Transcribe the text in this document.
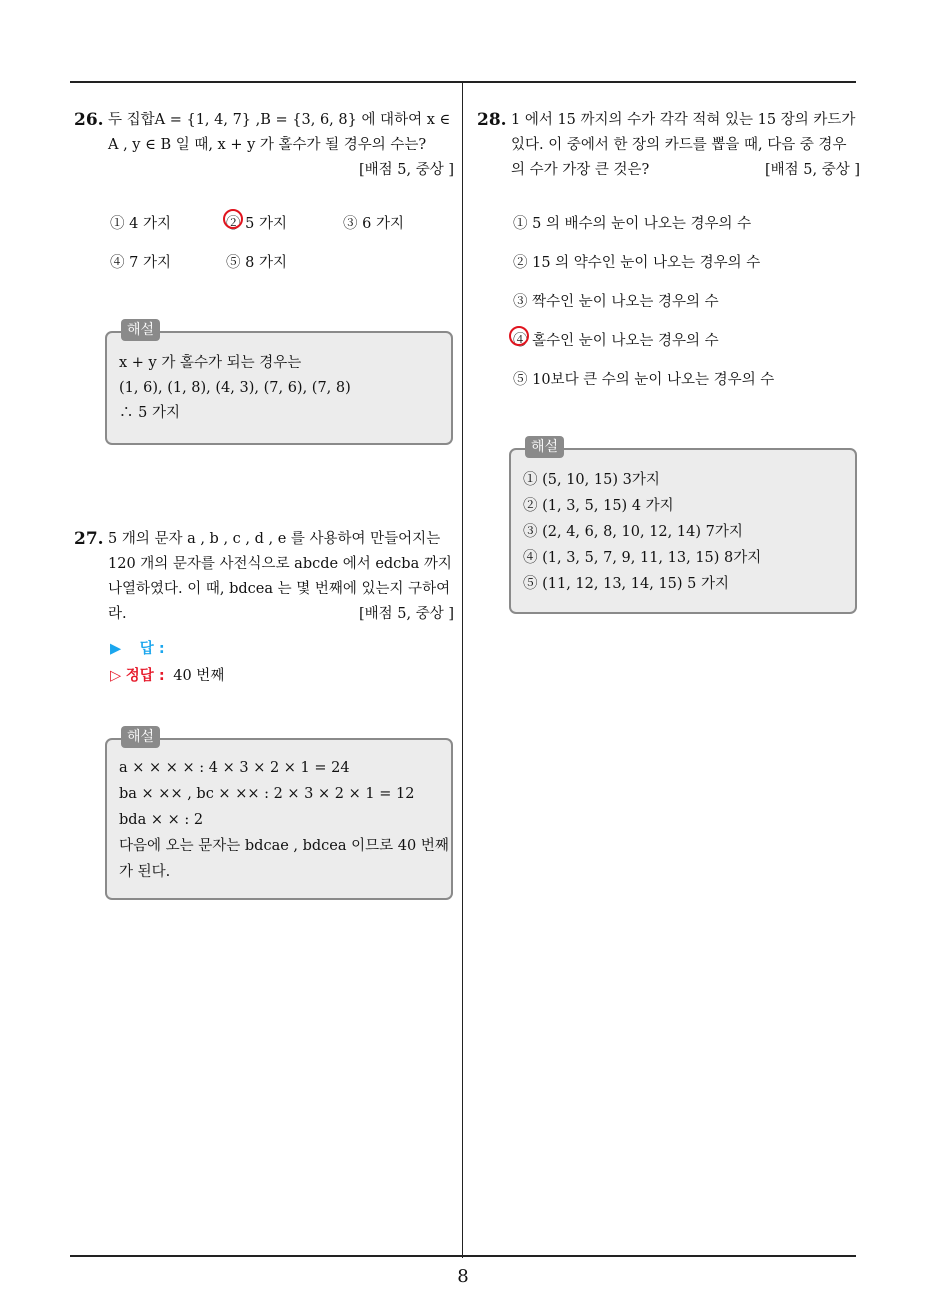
26. 두 집합A = {1, 4, 7} ,B = {3, 6, 8} 에 대하여 x ∈
A , y ∈ B 일 때, x + y 가 홀수가 될 경우의 수는?
[배점 5, 중상 ]
① 4 가지	② 5 가지	③ 6 가지
④ 7 가지	⑤ 8 가지
해설
x + y 가 홀수가 되는 경우는
(1, 6), (1, 8), (4, 3), (7, 6), (7, 8)
∴ 5 가지
27. 5 개의 문자 a , b , c , d , e 를 사용하여 만들어지는
120 개의 문자를 사전식으로 abcde 에서 edcba 까지
나열하였다. 이 때, bdcea 는 몇 번째에 있는지 구하여
라.	[배점 5, 중상 ]
▶ 답 :
▷ 정답 : 40 번째
해설
a × × × × : 4 × 3 × 2 × 1 = 24
ba × ×× , bc × ×× : 2 × 3 × 2 × 1 = 12
bda × × : 2
다음에 오는 문자는 bdcae , bdcea 이므로 40 번째
가 된다.
28. 1 에서 15 까지의 수가 각각 적혀 있는 15 장의 카드가
있다. 이 중에서 한 장의 카드를 뽑을 때, 다음 중 경우
의 수가 가장 큰 것은?	[배점 5, 중상 ]
① 5 의 배수의 눈이 나오는 경우의 수
② 15 의 약수인 눈이 나오는 경우의 수
③ 짝수인 눈이 나오는 경우의 수
④ 홀수인 눈이 나오는 경우의 수
⑤ 10보다 큰 수의 눈이 나오는 경우의 수
해설
① (5, 10, 15) 3가지
② (1, 3, 5, 15) 4 가지
③ (2, 4, 6, 8, 10, 12, 14) 7가지
④ (1, 3, 5, 7, 9, 11, 13, 15) 8가지
⑤ (11, 12, 13, 14, 15) 5 가지
8
